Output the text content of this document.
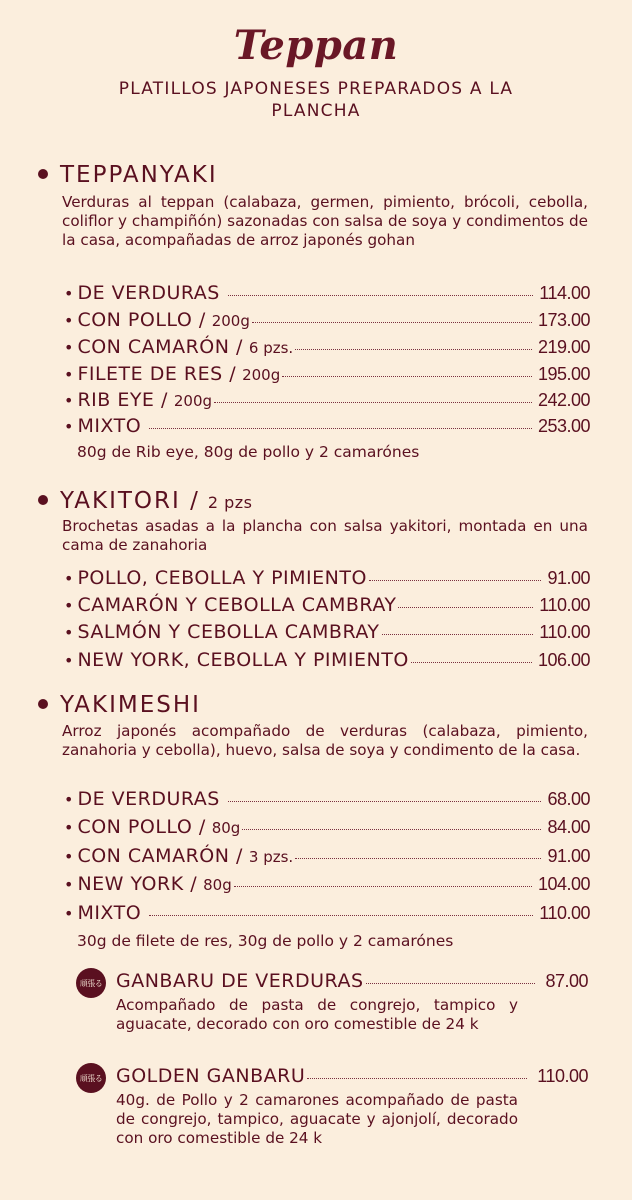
Teppan
PLATILLOS JAPONESES PREPARADOS A LA PLANCHA
TEPPANYAKI
Verduras al teppan (calabaza, germen, pimiento, brócoli, cebolla, coliflor y champiñón) sazonadas con salsa de soya y condimentos de la casa, acompañadas de arroz japonés gohan
• DE VERDURAS	114.00
• CON POLLO / 200g	173.00
• CON CAMARÓN / 6 pzs.	219.00
• FILETE DE RES / 200g	195.00
• RIB EYE / 200g	242.00
• MIXTO	253.00
80g de Rib eye, 80g de pollo y 2 camarónes
YAKITORI / 2 pzs
Brochetas asadas a la plancha con salsa yakitori, montada en una cama de zanahoria
• POLLO, CEBOLLA Y PIMIENTO	91.00
• CAMARÓN Y CEBOLLA CAMBRAY	110.00
• SALMÓN Y CEBOLLA CAMBRAY	110.00
• NEW YORK, CEBOLLA Y PIMIENTO	106.00
YAKIMESHI
Arroz japonés acompañado de verduras (calabaza, pimiento, zanahoria y cebolla), huevo, salsa de soya y condimento de la casa.
• DE VERDURAS	68.00
• CON POLLO / 80g	84.00
• CON CAMARÓN / 3 pzs.	91.00
• NEW YORK / 80g	104.00
• MIXTO	110.00
30g de filete de res, 30g de pollo y 2 camarónes
頑張る GANBARU DE VERDURAS	87.00
Acompañado de pasta de congrejo, tampico y aguacate, decorado con oro comestible de 24 k
頑張る GOLDEN GANBARU	110.00
40g. de Pollo y 2 camarones acompañado de pasta de congrejo, tampico, aguacate y ajonjolí, decorado con oro comestible de 24 k
